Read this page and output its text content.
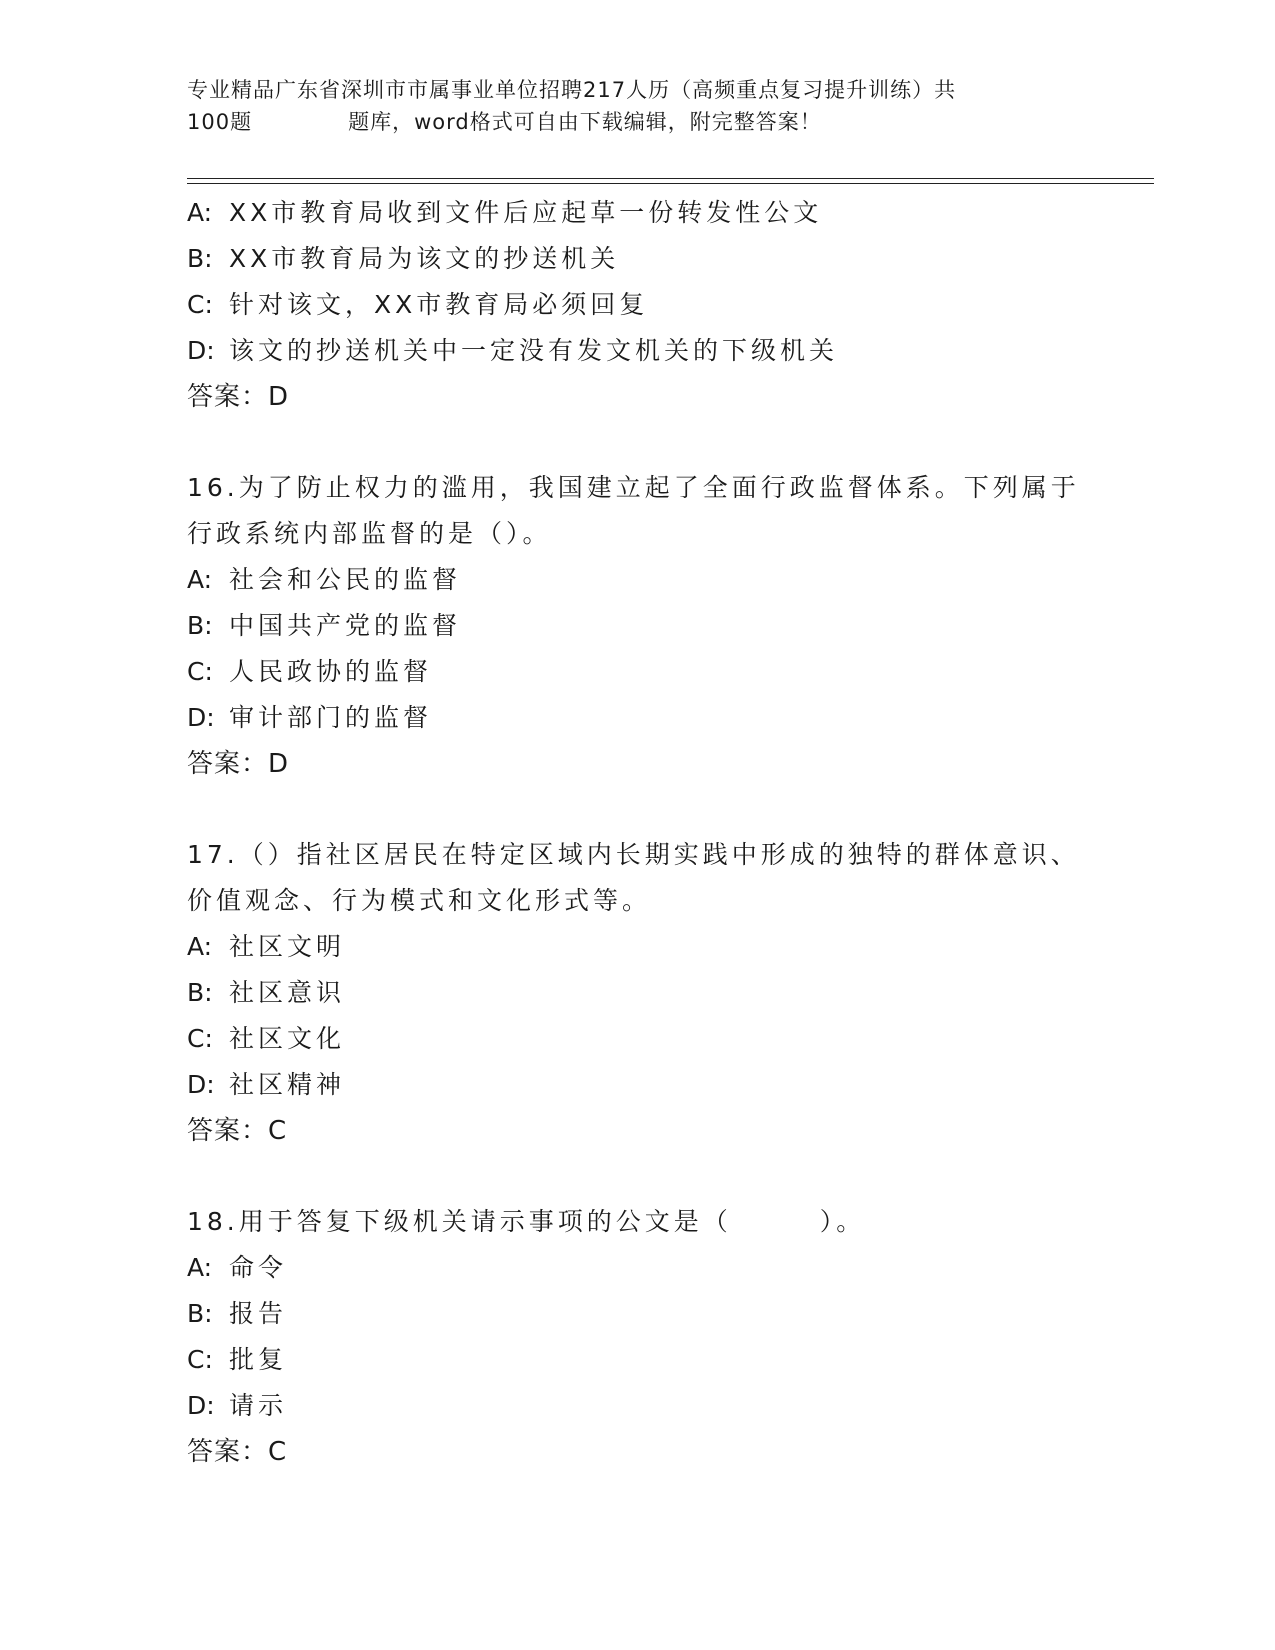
专业精品广东省深圳市市属事业单位招聘217人历（高频重点复习提升训练）共
100题	题库，word格式可自由下载编辑，附完整答案！
A: XX市教育局收到文件后应起草一份转发性公文
B: XX市教育局为该文的抄送机关
C: 针对该文，XX市教育局必须回复
D: 该文的抄送机关中一定没有发文机关的下级机关
答案：D
16.为了防止权力的滥用，我国建立起了全面行政监督体系。下列属于
行政系统内部监督的是（）。
A: 社会和公民的监督
B: 中国共产党的监督
C: 人民政协的监督
D: 审计部门的监督
答案：D
17.（）指社区居民在特定区域内长期实践中形成的独特的群体意识、
价值观念、行为模式和文化形式等。
A: 社区文明
B: 社区意识
C: 社区文化
D: 社区精神
答案：C
18.用于答复下级机关请示事项的公文是（	）。
A: 命令
B: 报告
C: 批复
D: 请示
答案：C
